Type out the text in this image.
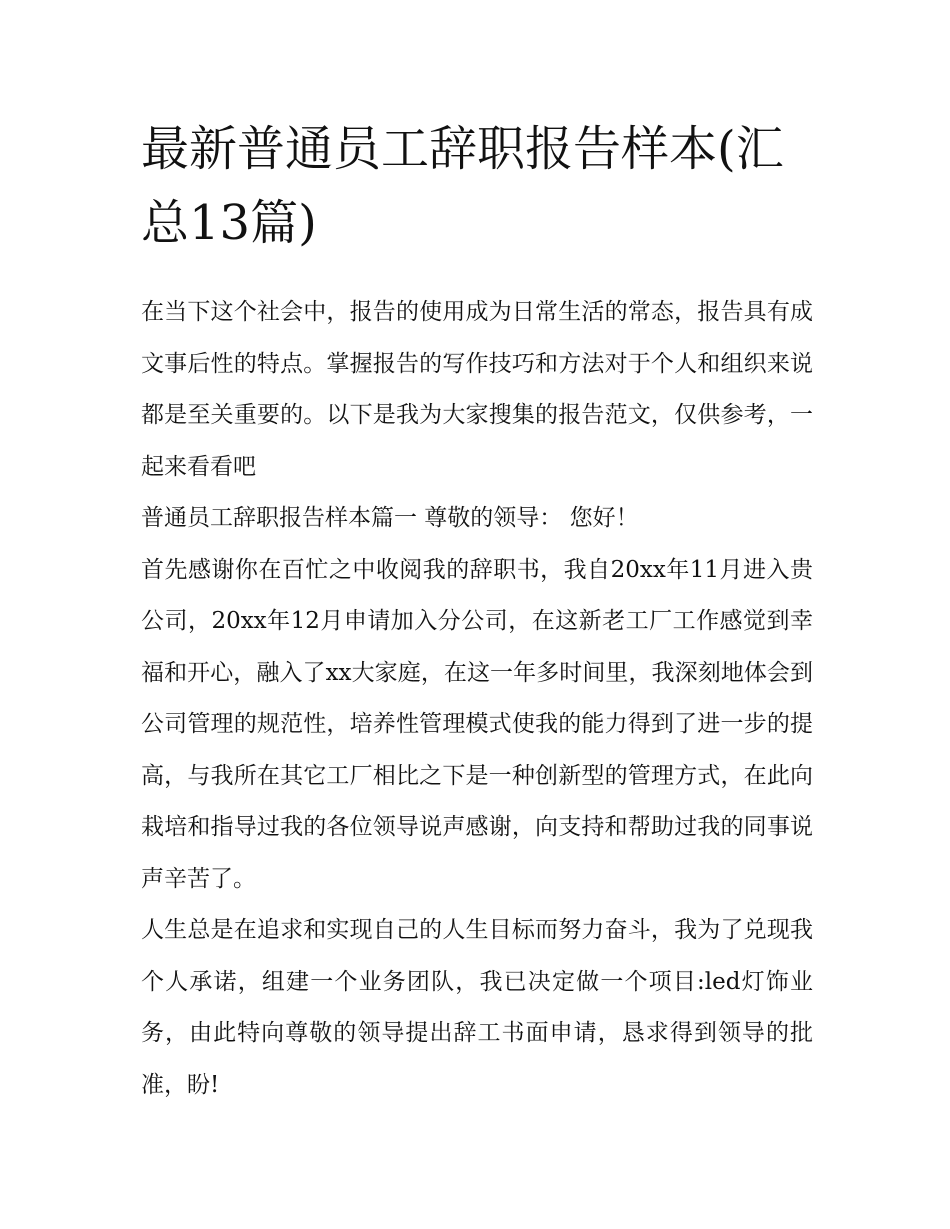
最新普通员工辞职报告样本(汇总13篇)

在当下这个社会中，报告的使用成为日常生活的常态，报告具有成文事后性的特点。掌握报告的写作技巧和方法对于个人和组织来说都是至关重要的。以下是我为大家搜集的报告范文，仅供参考，一起来看看吧

普通员工辞职报告样本篇一 尊敬的领导： 您好！

首先感谢你在百忙之中收阅我的辞职书，我自20xx年11月进入贵公司，20xx年12月申请加入分公司，在这新老工厂工作感觉到幸福和开心，融入了xx大家庭，在这一年多时间里，我深刻地体会到公司管理的规范性，培养性管理模式使我的能力得到了进一步的提高，与我所在其它工厂相比之下是一种创新型的管理方式，在此向栽培和指导过我的各位领导说声感谢，向支持和帮助过我的同事说声辛苦了。

人生总是在追求和实现自己的人生目标而努力奋斗，我为了兑现我个人承诺，组建一个业务团队，我已决定做一个项目:led灯饰业务，由此特向尊敬的领导提出辞工书面申请，恳求得到领导的批准，盼!
